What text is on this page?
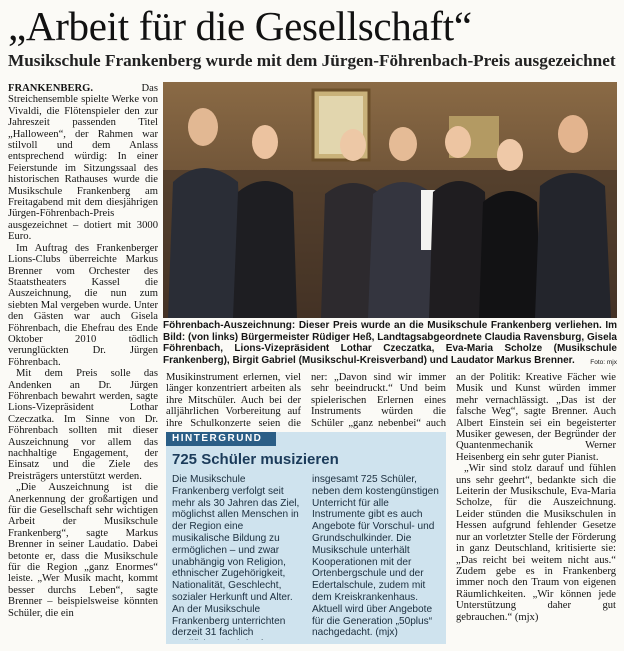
„Arbeit für die Gesellschaft“
Musikschule Frankenberg wurde mit dem Jürgen-Föhrenbach-Preis ausgezeichnet

FRANKENBERG. Das Streichensemble spielte Werke von Vivaldi, die Flötenspieler den zur Jahreszeit passenden Titel „Halloween“, der Rahmen war stilvoll und dem Anlass entsprechend würdig: In einer Feierstunde im Sitzungssaal des historischen Rathauses wurde die Musikschule Frankenberg am Freitagabend mit dem diesjährigen Jürgen-Föhrenbach-Preis ausgezeichnet – dotiert mit 3000 Euro.

Im Auftrag des Frankenberger Lions-Clubs überreichte Markus Brenner vom Orchester des Staatstheaters Kassel die Auszeichnung, die nun zum siebten Mal vergeben wurde. Unter den Gästen war auch Gisela Föhrenbach, die Ehefrau des Ende Oktober 2010 tödlich verunglückten Dr. Jürgen Föhrenbach.

Mit dem Preis solle das Andenken an Dr. Jürgen Föhrenbach bewahrt werden, sagte Lions-Vizepräsident Lothar Czeczatka. Im Sinne von Dr. Föhrenbach sollten mit dieser Auszeichnung vor allem das nachhaltige Engagement, der Einsatz und die Ziele des Preisträgers unterstützt werden.

„Die Auszeichnung ist die Anerkennung der großartigen und für die Gesellschaft sehr wichtigen Arbeit der Musikschule Frankenberg“, sagte Markus Brenner in seiner Laudatio. Dabei betonte er, dass die Musikschule für die Region „ganz Enormes“ leiste. „Wer Musik macht, kommt besser durchs Leben“, sagte Brenner – beispielsweise könnten Schüler, die ein

Föhrenbach-Auszeichnung: Dieser Preis wurde an die Musikschule Frankenberg verliehen. Im Bild: (von links) Bürgermeister Rüdiger Heß, Landtagsabgeordnete Claudia Ravensburg, Gisela Föhrenbach, Lions-Vizepräsident Lothar Czeczatka, Eva-Maria Scholze (Musikschule Frankenberg), Birgit Gabriel (Musikschul-Kreisverband) und Laudator Markus Brenner. Foto: mjx

Musikinstrument erlernen, viel länger konzentriert arbeiten als ihre Mitschüler. Auch bei der alljährlichen Vorbereitung auf ihre Schulkonzerte seien die

ner: „Davon sind wir immer sehr beeindruckt.“ Und beim spielerischen Erlernen eines Instruments würden die Schüler „ganz nebenbei“ auch

an der Politik: Kreative Fächer wie Musik und Kunst würden immer mehr vernachlässigt. „Das ist der falsche Weg“, sagte Brenner. Auch Albert Einstein sei ein begeisterter Musiker gewesen, der Begründer der Quantenmechanik Werner Heisenberg ein sehr guter Pianist.

„Wir sind stolz darauf und fühlen uns sehr geehrt“, bedankte sich die Leiterin der Musikschule, Eva-Maria Scholze, für die Auszeichnung. Leider stünden die Musikschulen in Hessen aufgrund fehlender Gesetze nur an vorletzter Stelle der Förderung in ganz Deutschland, kritisierte sie: „Das reicht bei weitem nicht aus.“ Zudem gebe es in Frankenberg immer noch den Traum von eigenen Räumlichkeiten. „Wir können jede Unterstützung daher gut gebrauchen.“ (mjx)

HINTERGRUND
725 Schüler musizieren

Die Musikschule Frankenberg verfolgt seit mehr als 30 Jahren das Ziel, möglichst allen Menschen in der Region eine musikalische Bildung zu ermöglichen – und zwar unabhängig von Religion, ethnischer Zugehörigkeit, Nationalität, Geschlecht, sozialer Herkunft und Alter. An der Musikschule Frankenberg unterrichten derzeit 31 fachlich

insgesamt 725 Schüler, neben dem kostengünstigen Unterricht für alle Instrumente gibt es auch Angebote für Vorschul- und Grundschulkinder. Die Musikschule unterhält Kooperationen mit der Ortenbergschule und der Edertalschule, zudem mit dem Kreiskrankenhaus. Aktuell wird über Angebote für die Generation „50plus“ nachgedacht. (mjx)
